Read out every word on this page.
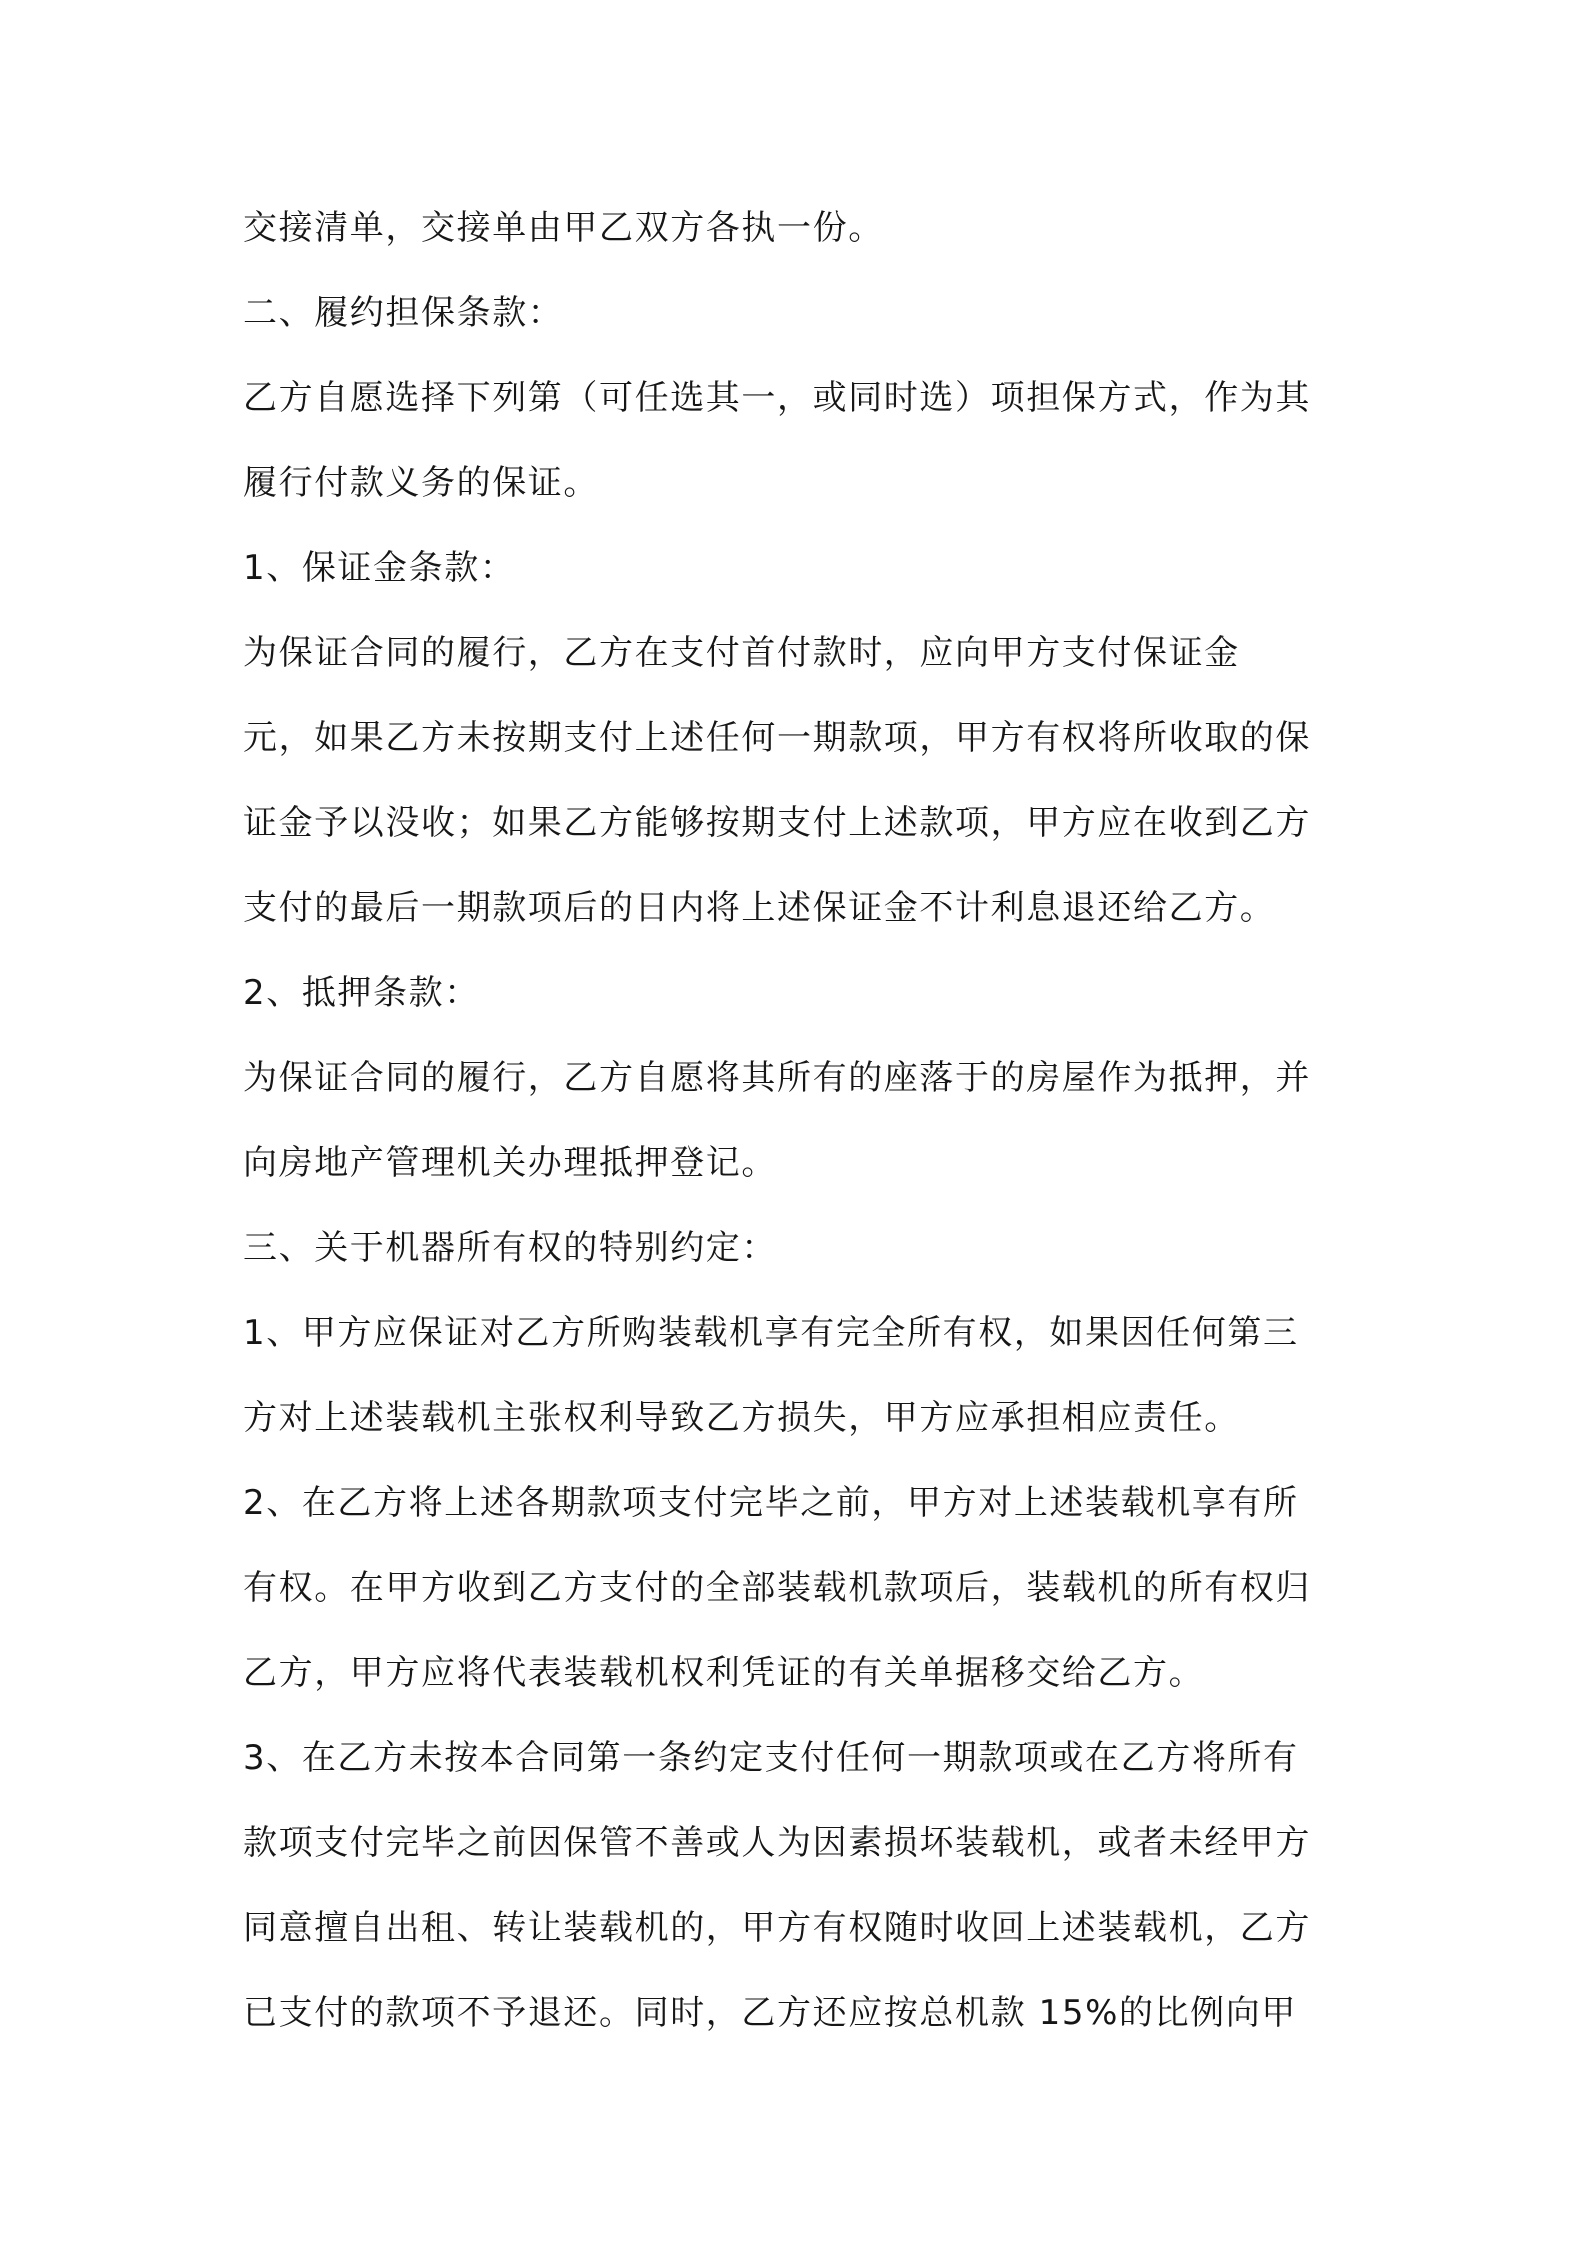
交接清单，交接单由甲乙双方各执一份。
二、履约担保条款：
乙方自愿选择下列第（可任选其一，或同时选）项担保方式，作为其
履行付款义务的保证。
1、保证金条款：
为保证合同的履行，乙方在支付首付款时，应向甲方支付保证金
元，如果乙方未按期支付上述任何一期款项，甲方有权将所收取的保
证金予以没收；如果乙方能够按期支付上述款项，甲方应在收到乙方
支付的最后一期款项后的日内将上述保证金不计利息退还给乙方。
2、抵押条款：
为保证合同的履行，乙方自愿将其所有的座落于的房屋作为抵押，并
向房地产管理机关办理抵押登记。
三、关于机器所有权的特别约定：
1、甲方应保证对乙方所购装载机享有完全所有权，如果因任何第三
方对上述装载机主张权利导致乙方损失，甲方应承担相应责任。
2、在乙方将上述各期款项支付完毕之前，甲方对上述装载机享有所
有权。在甲方收到乙方支付的全部装载机款项后，装载机的所有权归
乙方，甲方应将代表装载机权利凭证的有关单据移交给乙方。
3、在乙方未按本合同第一条约定支付任何一期款项或在乙方将所有
款项支付完毕之前因保管不善或人为因素损坏装载机，或者未经甲方
同意擅自出租、转让装载机的，甲方有权随时收回上述装载机，乙方
已支付的款项不予退还。同时，乙方还应按总机款 15%的比例向甲
